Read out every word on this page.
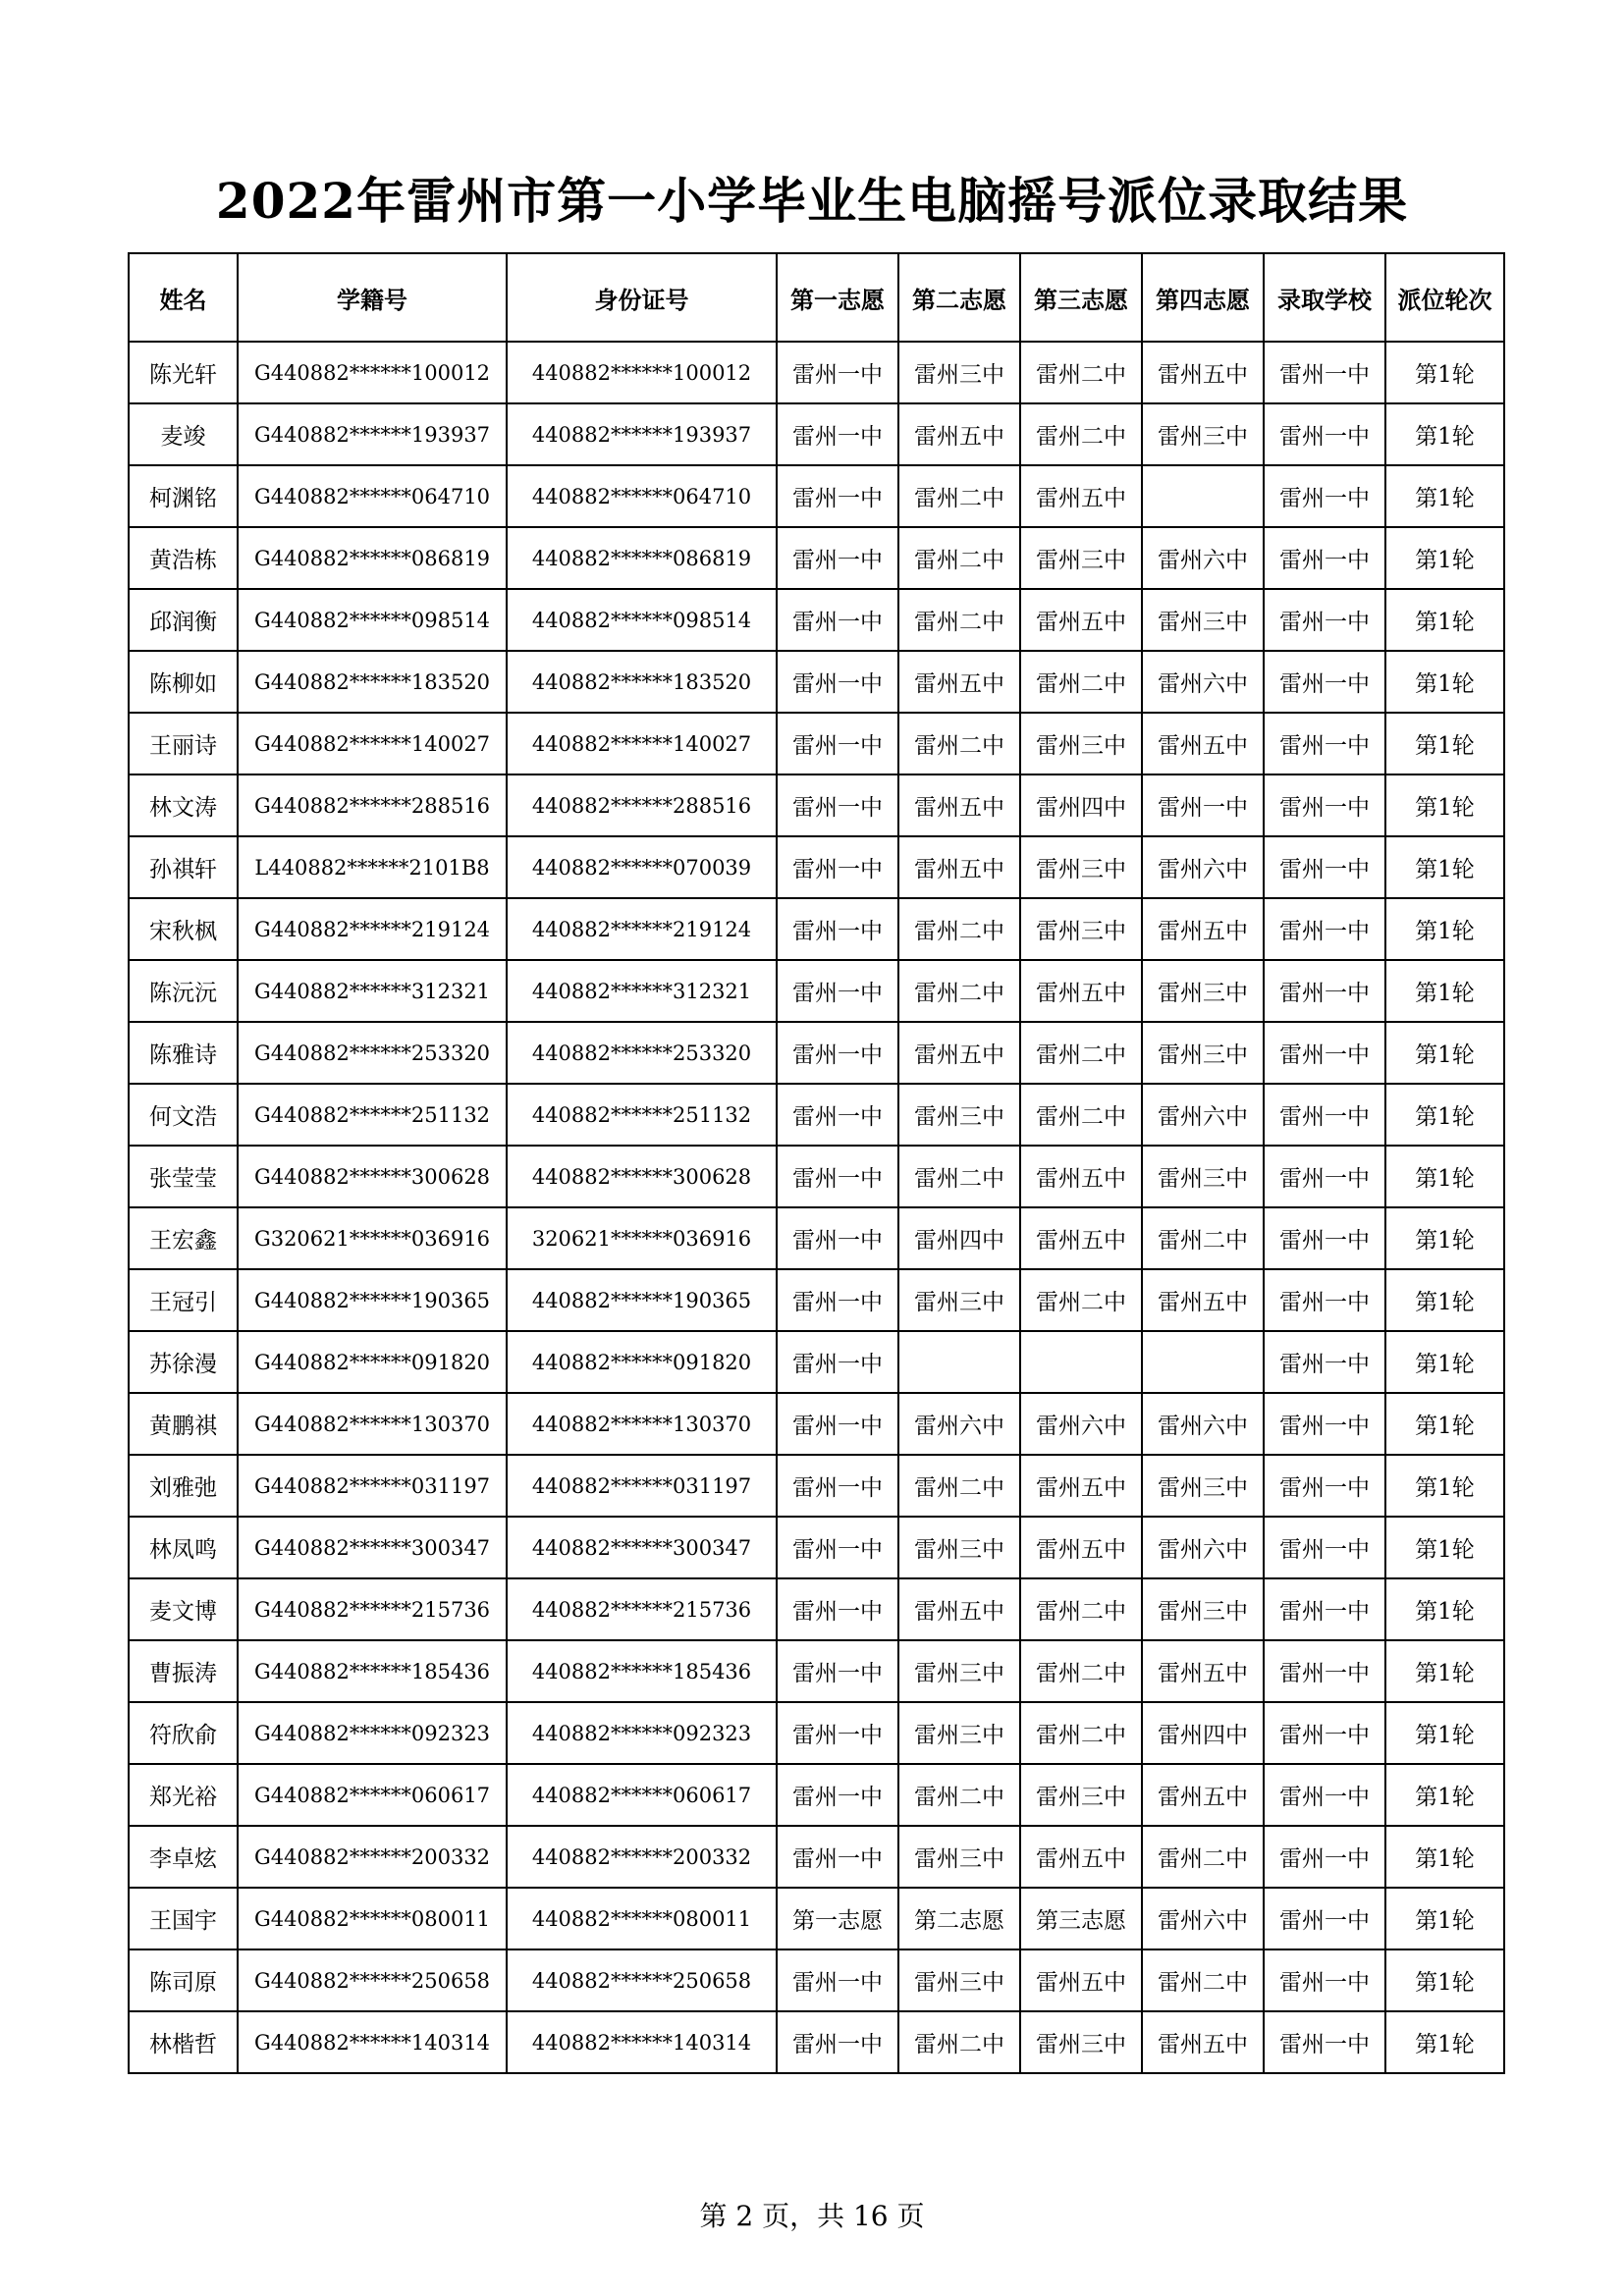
2022年雷州市第一小学毕业生电脑摇号派位录取结果
姓名	学籍号	身份证号	第一志愿	第二志愿	第三志愿	第四志愿	录取学校	派位轮次
陈光轩	G440882******100012	440882******100012	雷州一中	雷州三中	雷州二中	雷州五中	雷州一中	第1轮
麦竣	G440882******193937	440882******193937	雷州一中	雷州五中	雷州二中	雷州三中	雷州一中	第1轮
柯渊铭	G440882******064710	440882******064710	雷州一中	雷州二中	雷州五中		雷州一中	第1轮
黄浩栋	G440882******086819	440882******086819	雷州一中	雷州二中	雷州三中	雷州六中	雷州一中	第1轮
邱润衡	G440882******098514	440882******098514	雷州一中	雷州二中	雷州五中	雷州三中	雷州一中	第1轮
陈柳如	G440882******183520	440882******183520	雷州一中	雷州五中	雷州二中	雷州六中	雷州一中	第1轮
王丽诗	G440882******140027	440882******140027	雷州一中	雷州二中	雷州三中	雷州五中	雷州一中	第1轮
林文涛	G440882******288516	440882******288516	雷州一中	雷州五中	雷州四中	雷州一中	雷州一中	第1轮
孙祺轩	L440882******2101B8	440882******070039	雷州一中	雷州五中	雷州三中	雷州六中	雷州一中	第1轮
宋秋枫	G440882******219124	440882******219124	雷州一中	雷州二中	雷州三中	雷州五中	雷州一中	第1轮
陈沅沅	G440882******312321	440882******312321	雷州一中	雷州二中	雷州五中	雷州三中	雷州一中	第1轮
陈雅诗	G440882******253320	440882******253320	雷州一中	雷州五中	雷州二中	雷州三中	雷州一中	第1轮
何文浩	G440882******251132	440882******251132	雷州一中	雷州三中	雷州二中	雷州六中	雷州一中	第1轮
张莹莹	G440882******300628	440882******300628	雷州一中	雷州二中	雷州五中	雷州三中	雷州一中	第1轮
王宏鑫	G320621******036916	320621******036916	雷州一中	雷州四中	雷州五中	雷州二中	雷州一中	第1轮
王冠引	G440882******190365	440882******190365	雷州一中	雷州三中	雷州二中	雷州五中	雷州一中	第1轮
苏徐漫	G440882******091820	440882******091820	雷州一中				雷州一中	第1轮
黄鹏祺	G440882******130370	440882******130370	雷州一中	雷州六中	雷州六中	雷州六中	雷州一中	第1轮
刘雅弛	G440882******031197	440882******031197	雷州一中	雷州二中	雷州五中	雷州三中	雷州一中	第1轮
林凤鸣	G440882******300347	440882******300347	雷州一中	雷州三中	雷州五中	雷州六中	雷州一中	第1轮
麦文博	G440882******215736	440882******215736	雷州一中	雷州五中	雷州二中	雷州三中	雷州一中	第1轮
曹振涛	G440882******185436	440882******185436	雷州一中	雷州三中	雷州二中	雷州五中	雷州一中	第1轮
符欣俞	G440882******092323	440882******092323	雷州一中	雷州三中	雷州二中	雷州四中	雷州一中	第1轮
郑光裕	G440882******060617	440882******060617	雷州一中	雷州二中	雷州三中	雷州五中	雷州一中	第1轮
李卓炫	G440882******200332	440882******200332	雷州一中	雷州三中	雷州五中	雷州二中	雷州一中	第1轮
王国宇	G440882******080011	440882******080011	第一志愿	第二志愿	第三志愿	雷州六中	雷州一中	第1轮
陈司原	G440882******250658	440882******250658	雷州一中	雷州三中	雷州五中	雷州二中	雷州一中	第1轮
林楷哲	G440882******140314	440882******140314	雷州一中	雷州二中	雷州三中	雷州五中	雷州一中	第1轮
第 2 页，共 16 页
